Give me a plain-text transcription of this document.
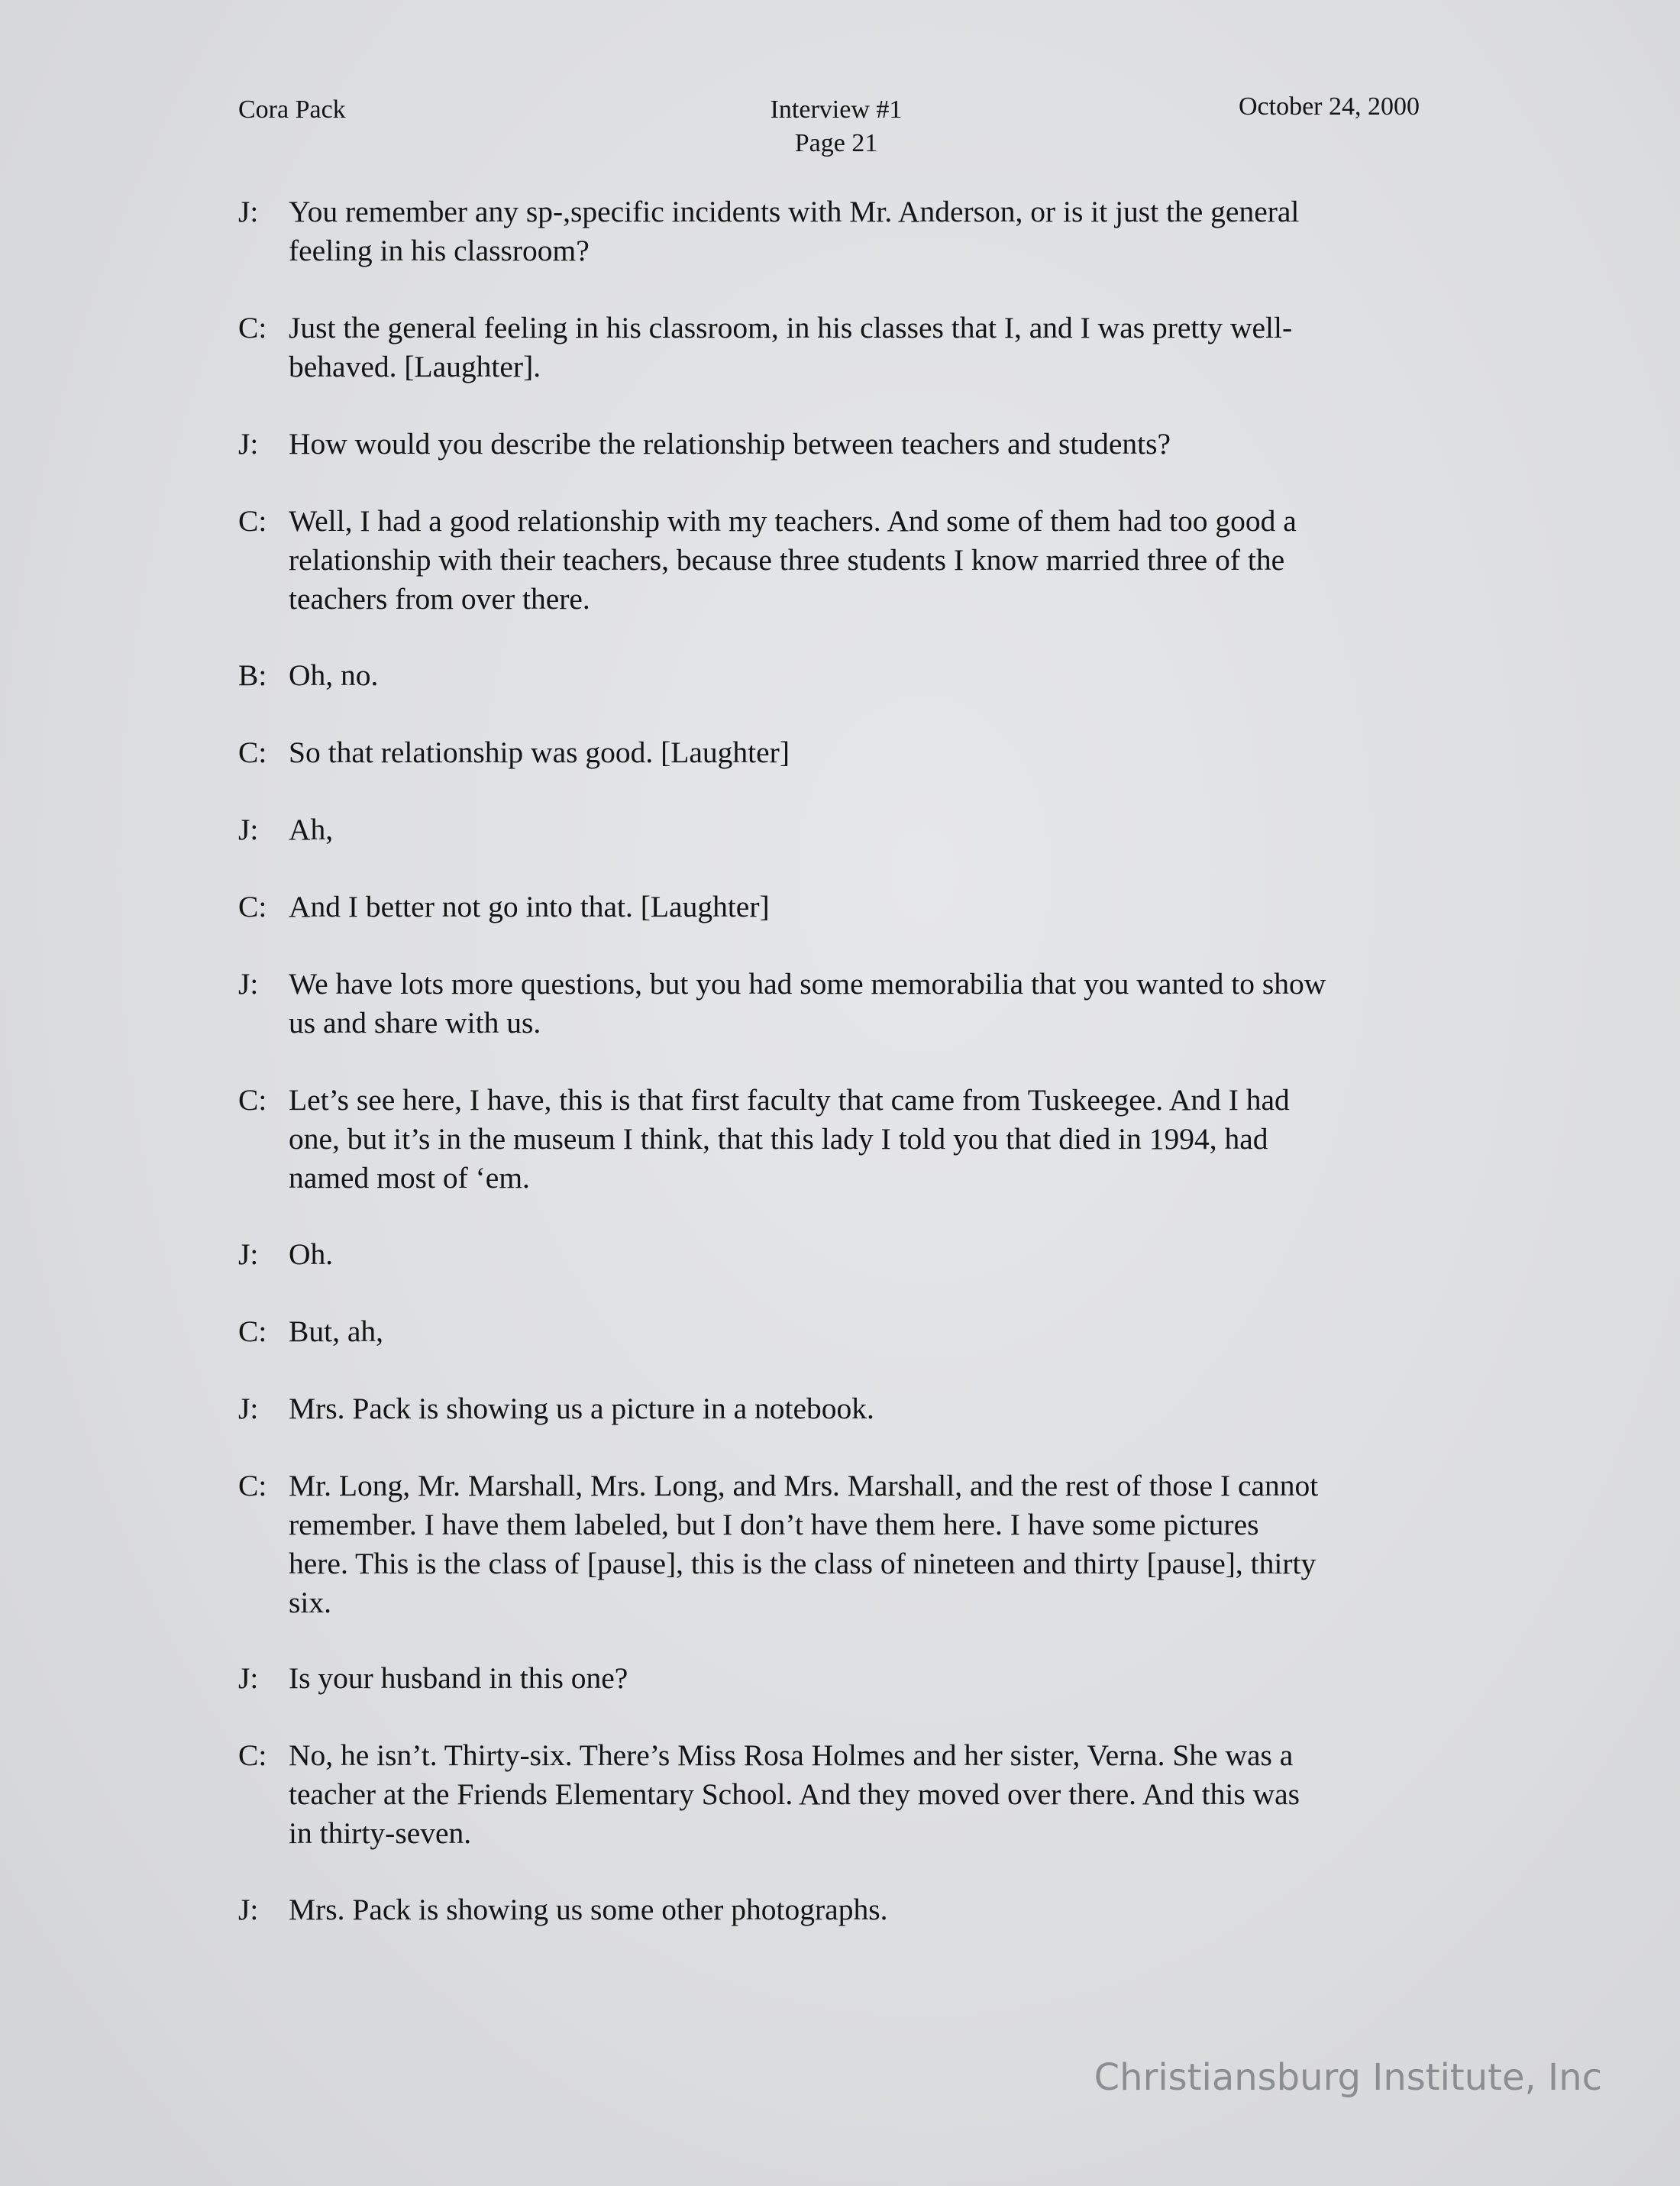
Cora Pack	Interview #1
Page 21
October 24, 2000
J:	You remember any sp-,specific incidents with Mr. Anderson, or is it just the general
feeling in his classroom?
C: Just the general feeling in his classroom, in his classes that I, and I was pretty well-
behaved. [Laughter].
J:	How would you describe the relationship between teachers and students?
C: Well, I had a good relationship with my teachers. And some of them had too good a
relationship with their teachers, because three students I know married three of the
teachers from over there.
B: Oh, no.
C: So that relationship was good. [Laughter]
J:	Ah,
C: And I better not go into that. [Laughter]
J:	We have lots more questions, but you had some memorabilia that you wanted to show
us and share with us.
C: Let’s see here, I have, this is that first faculty that came from Tuskeegee. And I had
one, but it’s in the museum I think, that this lady I told you that died in 1994, had
named most of ‘em.
J:	Oh.
C: But, ah,
J:	Mrs. Pack is showing us a picture in a notebook.
C: Mr. Long, Mr. Marshall, Mrs. Long, and Mrs. Marshall, and the rest of those I cannot
remember. I have them labeled, but I don’t have them here. I have some pictures
here. This is the class of [pause], this is the class of nineteen and thirty [pause], thirty
six.
J:	Is your husband in this one?
C: No, he isn’t. Thirty-six. There’s Miss Rosa Holmes and her sister, Verna. She was a
teacher at the Friends Elementary School. And they moved over there. And this was
in thirty-seven.
J:	Mrs. Pack is showing us some other photographs.
Christiansburg Institute, Inc
